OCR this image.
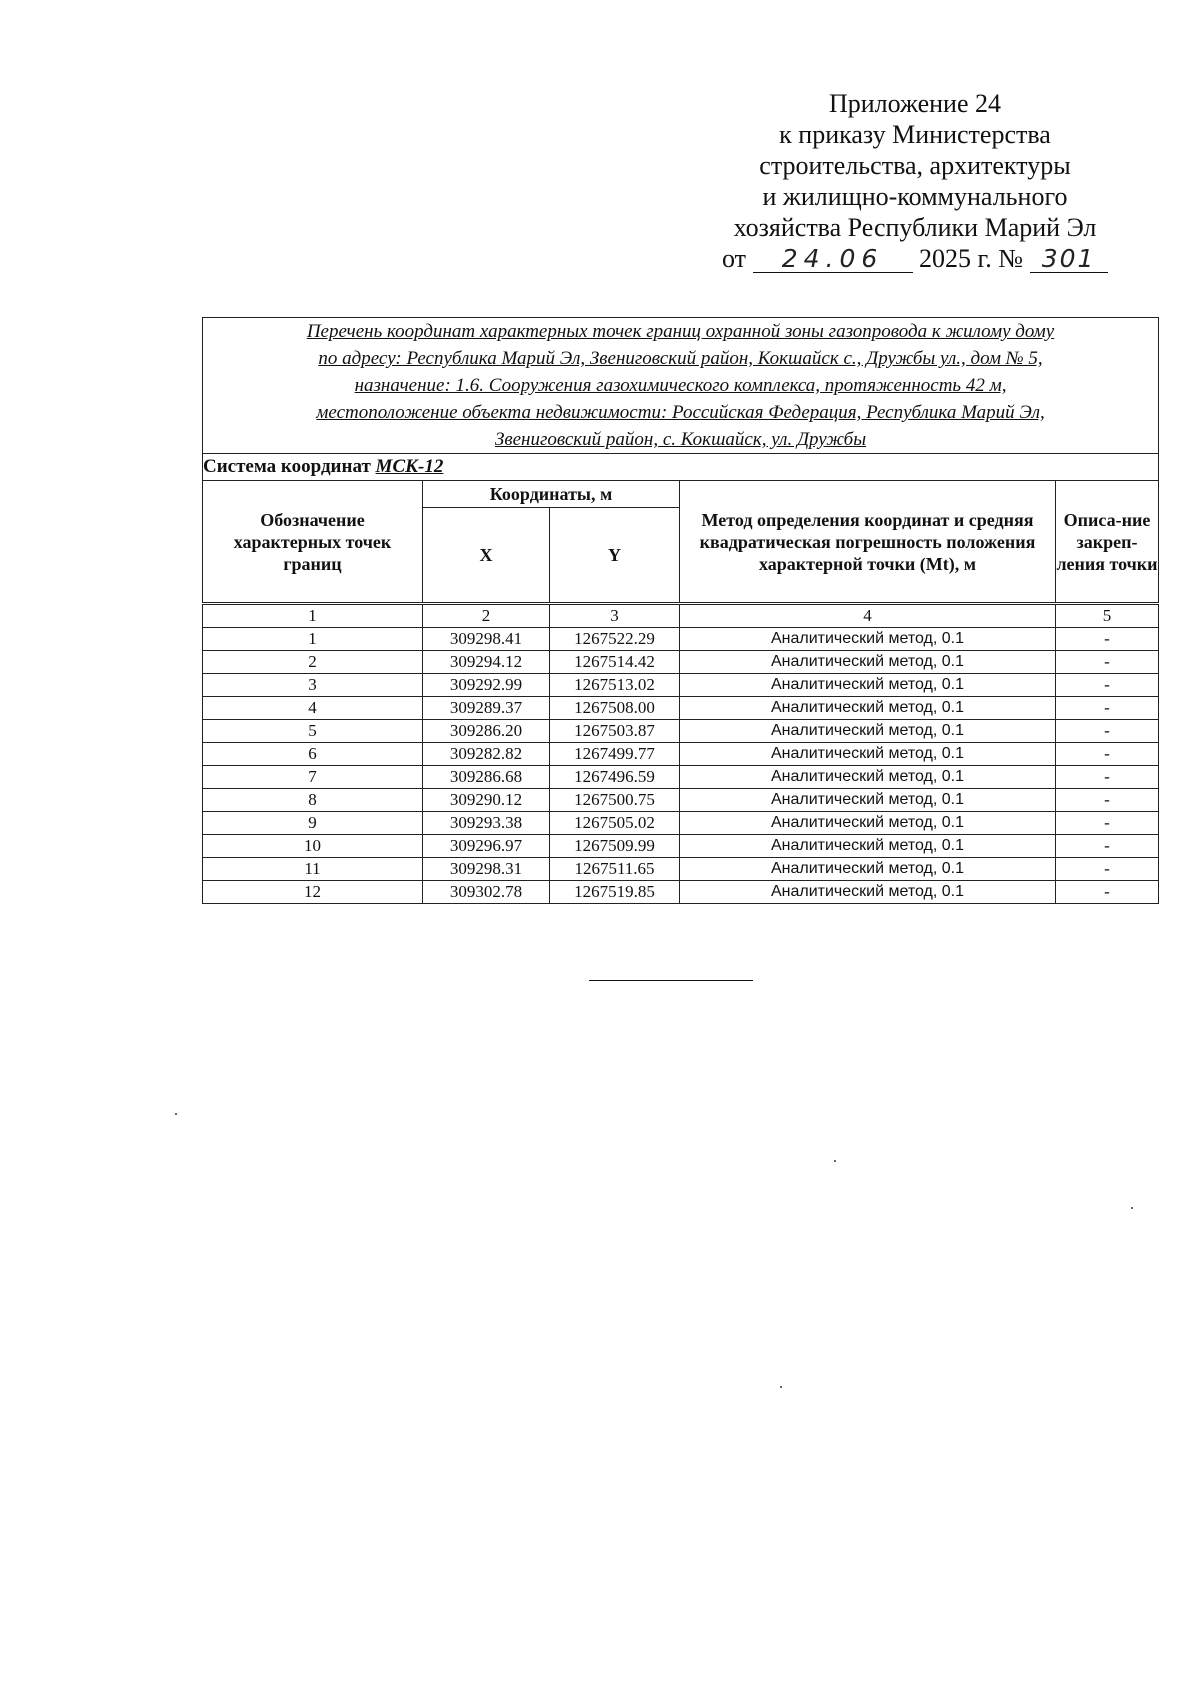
Приложение 24
к приказу Министерства
строительства, архитектуры
и жилищно-коммунального
хозяйства Республики Марий Эл
от 24.06 2025 г. № 301
Перечень координат характерных точек границ охранной зоны газопровода к жилому дому
по адресу: Республика Марий Эл, Звениговский район, Кокшайск с., Дружбы ул., дом № 5,
назначение: 1.6. Сооружения газохимического комплекса, протяженность 42 м,
местоположение объекта недвижимости: Российская Федерация, Республика Марий Эл,
Звениговский район, с. Кокшайск, ул. Дружбы				

Система координат МСК-12				
Обозначение характерных точек границ	Координаты, м		Метод определения координат и средняя квадратическая погрешность положения характерной точки (Mt), м	Описа-ние закреп-ления точки
	X	Y		
1	2	3	4	5
1	309298.41	1267522.29	Аналитический метод, 0.1	-
2	309294.12	1267514.42	Аналитический метод, 0.1	-
3	309292.99	1267513.02	Аналитический метод, 0.1	-
4	309289.37	1267508.00	Аналитический метод, 0.1	-
5	309286.20	1267503.87	Аналитический метод, 0.1	-
6	309282.82	1267499.77	Аналитический метод, 0.1	-
7	309286.68	1267496.59	Аналитический метод, 0.1	-
8	309290.12	1267500.75	Аналитический метод, 0.1	-
9	309293.38	1267505.02	Аналитический метод, 0.1	-
10	309296.97	1267509.99	Аналитический метод, 0.1	-
11	309298.31	1267511.65	Аналитический метод, 0.1	-
12	309302.78	1267519.85	Аналитический метод, 0.1	-
